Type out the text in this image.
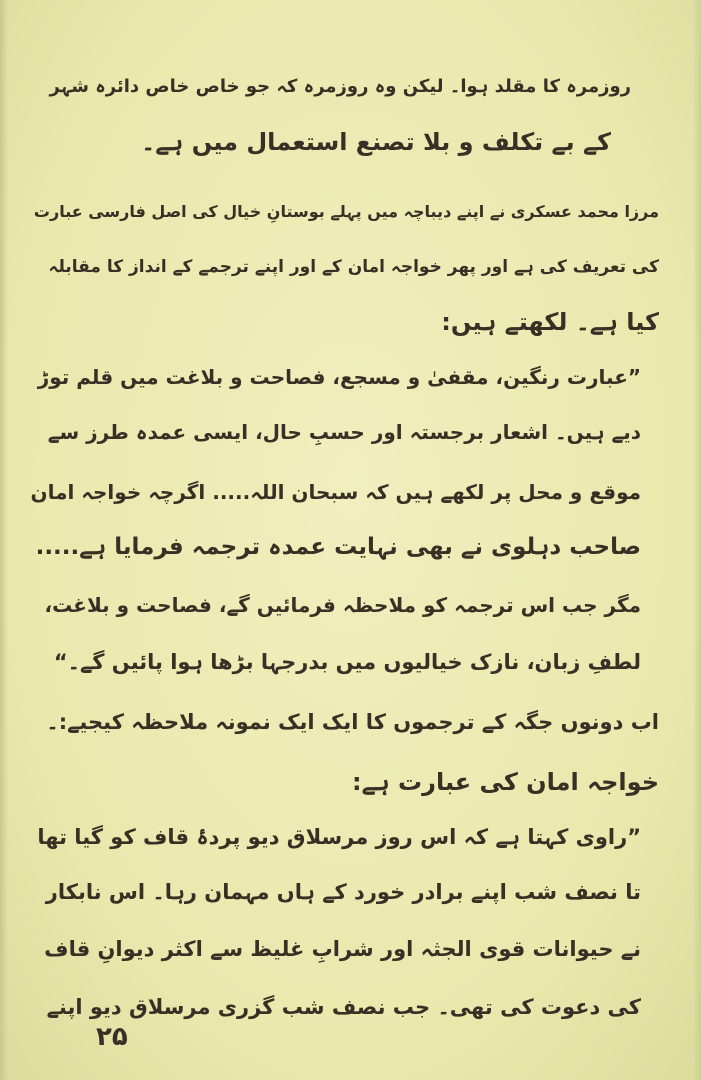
روزمرہ کا مقلد ہوا۔ لیکن وہ روزمرہ کہ جو خاص خاص دائرہ شہر
کے بے تکلف و بلا تصنع استعمال میں ہے۔
مرزا محمد عسکری نے اپنے دیباچہ میں پہلے بوستانِ خیال کی اصل فارسی عبارت
کی تعریف کی ہے اور پھر خواجہ امان کے اور اپنے ترجمے کے انداز کا مقابلہ
کیا ہے۔ لکھتے ہیں:
”عبارت رنگین، مقفیٰ و مسجع، فصاحت و بلاغت میں قلم توڑ
دیے ہیں۔ اشعار برجستہ اور حسبِ حال، ایسی عمدہ طرز سے
موقع و محل پر لکھے ہیں کہ سبحان اللہ..... اگرچہ خواجہ امان
صاحب دہلوی نے بھی نہایت عمدہ ترجمہ فرمایا ہے.....
مگر جب اس ترجمہ کو ملاحظہ فرمائیں گے، فصاحت و بلاغت،
لطفِ زبان، نازک خیالیوں میں بدرجہا بڑھا ہوا پائیں گے۔“
اب دونوں جگہ کے ترجموں کا ایک ایک نمونہ ملاحظہ کیجیے:۔
خواجہ امان کی عبارت ہے:
”راوی کہتا ہے کہ اس روز مرسلاق دیو پردۂ قاف کو گیا تھا
تا نصف شب اپنے برادر خورد کے ہاں مہمان رہا۔ اس نابکار
نے حیوانات قوی الجثہ اور شرابِ غلیظ سے اکثر دیوانِ قاف
کی دعوت کی تھی۔ جب نصف شب گزری مرسلاق دیو اپنے
۲۵
